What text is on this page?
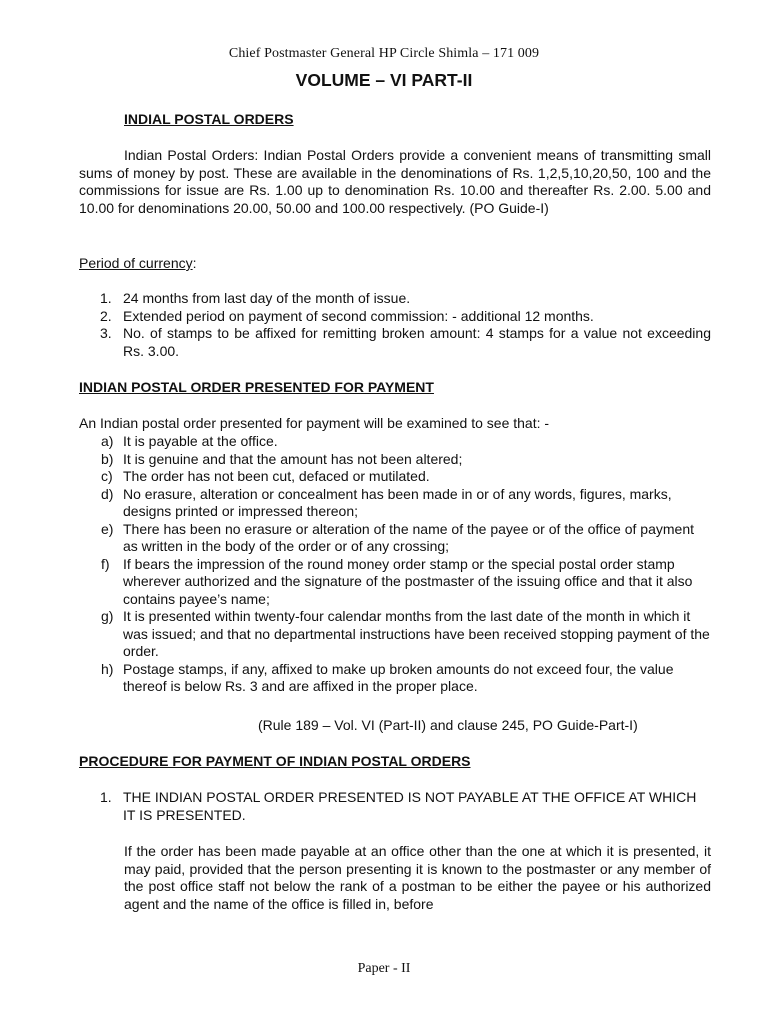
Chief Postmaster General HP Circle Shimla – 171 009
VOLUME – VI PART-II
INDIAL POSTAL ORDERS

Indian Postal Orders: Indian Postal Orders provide a convenient means of transmitting small sums of money by post. These are available in the denominations of Rs. 1,2,5,10,20,50, 100 and the commissions for issue are Rs. 1.00 up to denomination Rs. 10.00 and thereafter Rs. 2.00. 5.00 and 10.00 for denominations 20.00, 50.00 and 100.00 respectively. (PO Guide-I)

Period of currency:
1. 24 months from last day of the month of issue.
2. Extended period on payment of second commission: - additional 12 months.
3. No. of stamps to be affixed for remitting broken amount: 4 stamps for a value not exceeding Rs. 3.00.
INDIAN POSTAL ORDER PRESENTED FOR PAYMENT
An Indian postal order presented for payment will be examined to see that: -
a) It is payable at the office.
b) It is genuine and that the amount has not been altered;
c) The order has not been cut, defaced or mutilated.
d) No erasure, alteration or concealment has been made in or of any words, figures, marks, designs printed or impressed thereon;
e) There has been no erasure or alteration of the name of the payee or of the office of payment as written in the body of the order or of any crossing;
f) If bears the impression of the round money order stamp or the special postal order stamp wherever authorized and the signature of the postmaster of the issuing office and that it also contains payee’s name;
g) It is presented within twenty-four calendar months from the last date of the month in which it was issued; and that no departmental instructions have been received stopping payment of the order.
h) Postage stamps, if any, affixed to make up broken amounts do not exceed four, the value thereof is below Rs. 3 and are affixed in the proper place.
(Rule 189 – Vol. VI (Part-II) and clause 245, PO Guide-Part-I)
PROCEDURE FOR PAYMENT OF INDIAN POSTAL ORDERS
1. THE INDIAN POSTAL ORDER PRESENTED IS NOT PAYABLE AT THE OFFICE AT WHICH IT IS PRESENTED.

If the order has been made payable at an office other than the one at which it is presented, it may paid, provided that the person presenting it is known to the postmaster or any member of the post office staff not below the rank of a postman to be either the payee or his authorized agent and the name of the office is filled in, before

Paper - II
